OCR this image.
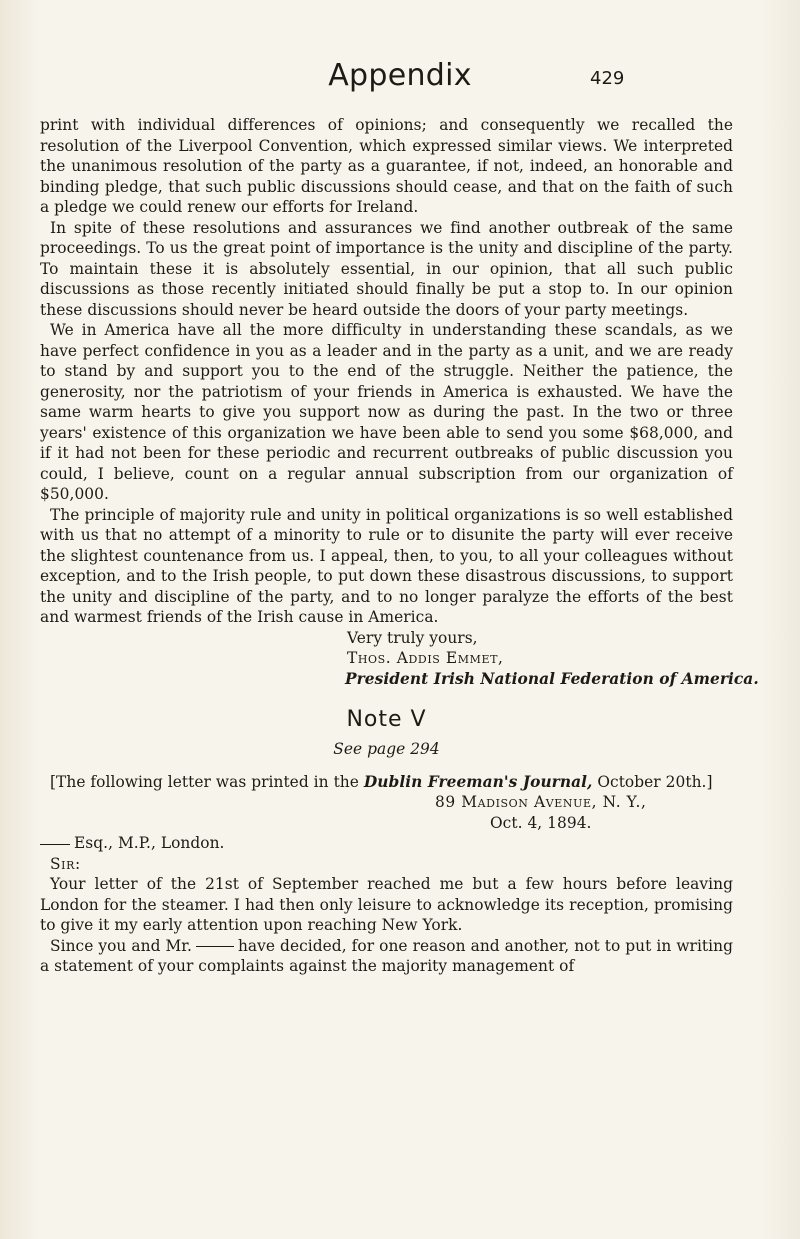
Appendix	429

print with individual differences of opinions; and consequently we recalled the resolution of the Liverpool Convention, which expressed similar views. We interpreted the unanimous resolution of the party as a guarantee, if not, indeed, an honorable and binding pledge, that such public discussions should cease, and that on the faith of such a pledge we could renew our efforts for Ireland.

In spite of these resolutions and assurances we find another outbreak of the same proceedings. To us the great point of importance is the unity and discipline of the party. To maintain these it is absolutely essential, in our opinion, that all such public discussions as those recently initiated should finally be put a stop to. In our opinion these discussions should never be heard outside the doors of your party meetings.

We in America have all the more difficulty in understanding these scandals, as we have perfect confidence in you as a leader and in the party as a unit, and we are ready to stand by and support you to the end of the struggle. Neither the patience, the generosity, nor the patriotism of your friends in America is exhausted. We have the same warm hearts to give you support now as during the past. In the two or three years' existence of this organization we have been able to send you some $68,000, and if it had not been for these periodic and recurrent outbreaks of public discussion you could, I believe, count on a regular annual subscription from our organization of $50,000.

The principle of majority rule and unity in political organizations is so well established with us that no attempt of a minority to rule or to disunite the party will ever receive the slightest countenance from us. I appeal, then, to you, to all your colleagues without exception, and to the Irish people, to put down these disastrous discussions, to support the unity and discipline of the party, and to no longer paralyze the efforts of the best and warmest friends of the Irish cause in America.

Very truly yours,
Thos. Addis Emmet,
President Irish National Federation of America.
Note V
See page 294

[The following letter was printed in the Dublin Freeman's Journal, October 20th.]

89 Madison Avenue, N. Y.,
Oct. 4, 1894.

Esq., M.P., London.

Sir:

Your letter of the 21st of September reached me but a few hours before leaving London for the steamer. I had then only leisure to acknowledge its reception, promising to give it my early attention upon reaching New York.

Since you and Mr.	have decided, for one reason and another, not to put in writing a statement of your complaints against the majority management of
